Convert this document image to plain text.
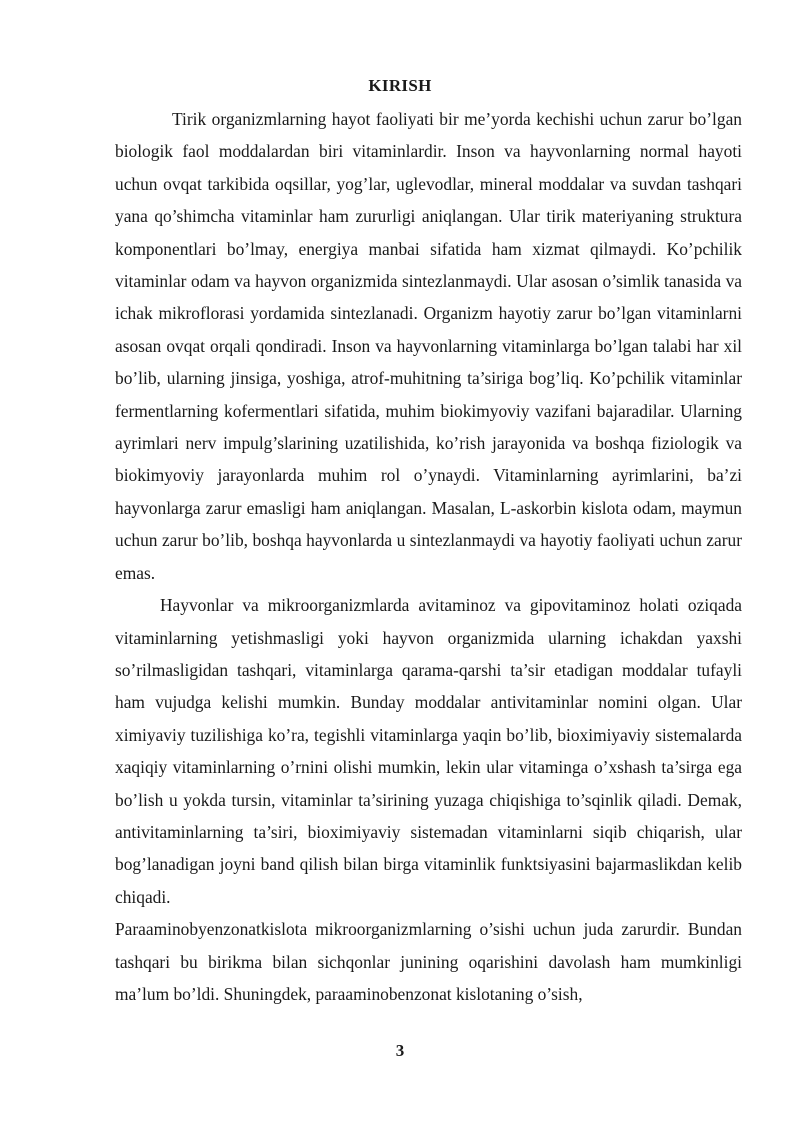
KIRISH

Tirik organizmlarning hayot faoliyati bir me’yorda kechishi uchun zarur bo’lgan biologik faol moddalardan biri vitaminlardir. Inson va hayvonlarning normal hayoti uchun ovqat tarkibida oqsillar, yog’lar, uglevodlar, mineral moddalar va suvdan tashqari yana qo’shimcha vitaminlar ham zururligi aniqlangan. Ular tirik materiyaning struktura komponentlari bo’lmay, energiya manbai sifatida ham xizmat qilmaydi. Ko’pchilik vitaminlar odam va hayvon organizmida sintezlanmaydi. Ular asosan o’simlik tanasida va ichak mikroflorasi yordamida sintezlanadi. Organizm hayotiy zarur bo’lgan vitaminlarni asosan ovqat orqali qondiradi. Inson va hayvonlarning vitaminlarga bo’lgan talabi har xil bo’lib, ularning jinsiga, yoshiga, atrof-muhitning ta’siriga bog’liq. Ko’pchilik vitaminlar fermentlarning kofermentlari sifatida, muhim biokimyoviy vazifani bajaradilar. Ularning ayrimlari nerv impulg’slarining uzatilishida, ko’rish jarayonida va boshqa fiziologik va biokimyoviy jarayonlarda muhim rol o’ynaydi. Vitaminlarning ayrimlarini, ba’zi hayvonlarga zarur emasligi ham aniqlangan. Masalan, L-askorbin kislota odam, maymun uchun zarur bo’lib, boshqa hayvonlarda u sintezlanmaydi va hayotiy faoliyati uchun zarur emas.

Hayvonlar va mikroorganizmlarda avitaminoz va gipovitaminoz holati oziqada vitaminlarning yetishmasligi yoki hayvon organizmida ularning ichakdan yaxshi so’rilmasligidan tashqari, vitaminlarga qarama-qarshi ta’sir etadigan moddalar tufayli ham vujudga kelishi mumkin. Bunday moddalar antivitaminlar nomini olgan. Ular ximiyaviy tuzilishiga ko’ra, tegishli vitaminlarga yaqin bo’lib, bioximiyaviy sistemalarda xaqiqiy vitaminlarning o’rnini olishi mumkin, lekin ular vitaminga o’xshash ta’sirga ega bo’lish u yokda tursin, vitaminlar ta’sirining yuzaga chiqishiga to’sqinlik qiladi. Demak, antivitaminlarning ta’siri, bioximiyaviy sistemadan vitaminlarni siqib chiqarish, ular bog’lanadigan joyni band qilish bilan birga vitaminlik funktsiyasini bajarmaslikdan kelib chiqadi.

Paraaminobyenzonatkislota mikroorganizmlarning o’sishi uchun juda zarurdir. Bundan tashqari bu birikma bilan sichqonlar junining oqarishini davolash ham mumkinligi ma’lum bo’ldi. Shuningdek, paraaminobenzonat kislotaning o’sish,

3
